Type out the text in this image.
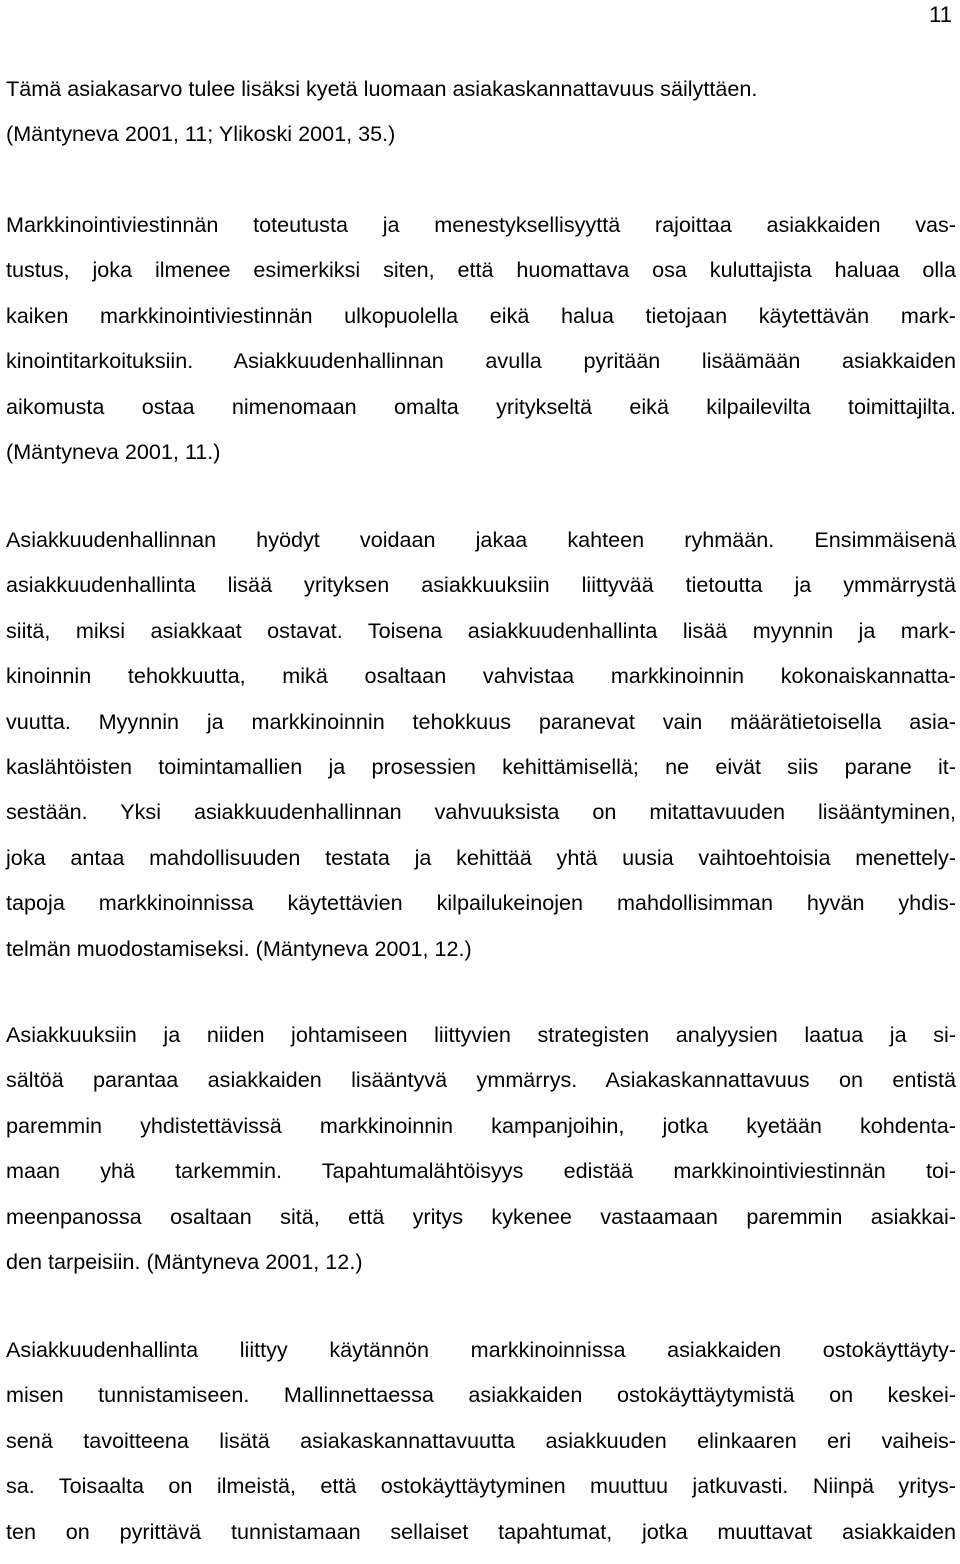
11
Tämä asiakasarvo tulee lisäksi kyetä luomaan asiakaskannattavuus säilyttäen.
(Mäntyneva 2001, 11; Ylikoski 2001, 35.)
Markkinointiviestinnän toteutusta ja menestyksellisyyttä rajoittaa asiakkaiden vas-
tustus, joka ilmenee esimerkiksi siten, että huomattava osa kuluttajista haluaa olla
kaiken markkinointiviestinnän ulkopuolella eikä halua tietojaan käytettävän mark-
kinointitarkoituksiin. Asiakkuudenhallinnan avulla pyritään lisäämään asiakkaiden
aikomusta ostaa nimenomaan omalta yritykseltä eikä kilpailevilta toimittajilta.
(Mäntyneva 2001, 11.)
Asiakkuudenhallinnan hyödyt voidaan jakaa kahteen ryhmään. Ensimmäisenä
asiakkuudenhallinta lisää yrityksen asiakkuuksiin liittyvää tietoutta ja ymmärrystä
siitä, miksi asiakkaat ostavat. Toisena asiakkuudenhallinta lisää myynnin ja mark-
kinoinnin tehokkuutta, mikä osaltaan vahvistaa markkinoinnin kokonaiskannatta-
vuutta. Myynnin ja markkinoinnin tehokkuus paranevat vain määrätietoisella asia-
kaslähtöisten toimintamallien ja prosessien kehittämisellä; ne eivät siis parane it-
sestään. Yksi asiakkuudenhallinnan vahvuuksista on mitattavuuden lisääntyminen,
joka antaa mahdollisuuden testata ja kehittää yhtä uusia vaihtoehtoisia menettely-
tapoja markkinoinnissa käytettävien kilpailukeinojen mahdollisimman hyvän yhdis-
telmän muodostamiseksi. (Mäntyneva 2001, 12.)
Asiakkuuksiin ja niiden johtamiseen liittyvien strategisten analyysien laatua ja si-
sältöä parantaa asiakkaiden lisääntyvä ymmärrys. Asiakaskannattavuus on entistä
paremmin yhdistettävissä markkinoinnin kampanjoihin, jotka kyetään kohdenta-
maan yhä tarkemmin. Tapahtumalähtöisyys edistää markkinointiviestinnän toi-
meenpanossa osaltaan sitä, että yritys kykenee vastaamaan paremmin asiakkai-
den tarpeisiin. (Mäntyneva 2001, 12.)
Asiakkuudenhallinta liittyy käytännön markkinoinnissa asiakkaiden ostokäyttäyty-
misen tunnistamiseen. Mallinnettaessa asiakkaiden ostokäyttäytymistä on keskei-
senä tavoitteena lisätä asiakaskannattavuutta asiakkuuden elinkaaren eri vaiheis-
sa. Toisaalta on ilmeistä, että ostokäyttäytyminen muuttuu jatkuvasti. Niinpä yritys-
ten on pyrittävä tunnistamaan sellaiset tapahtumat, jotka muuttavat asiakkaiden
